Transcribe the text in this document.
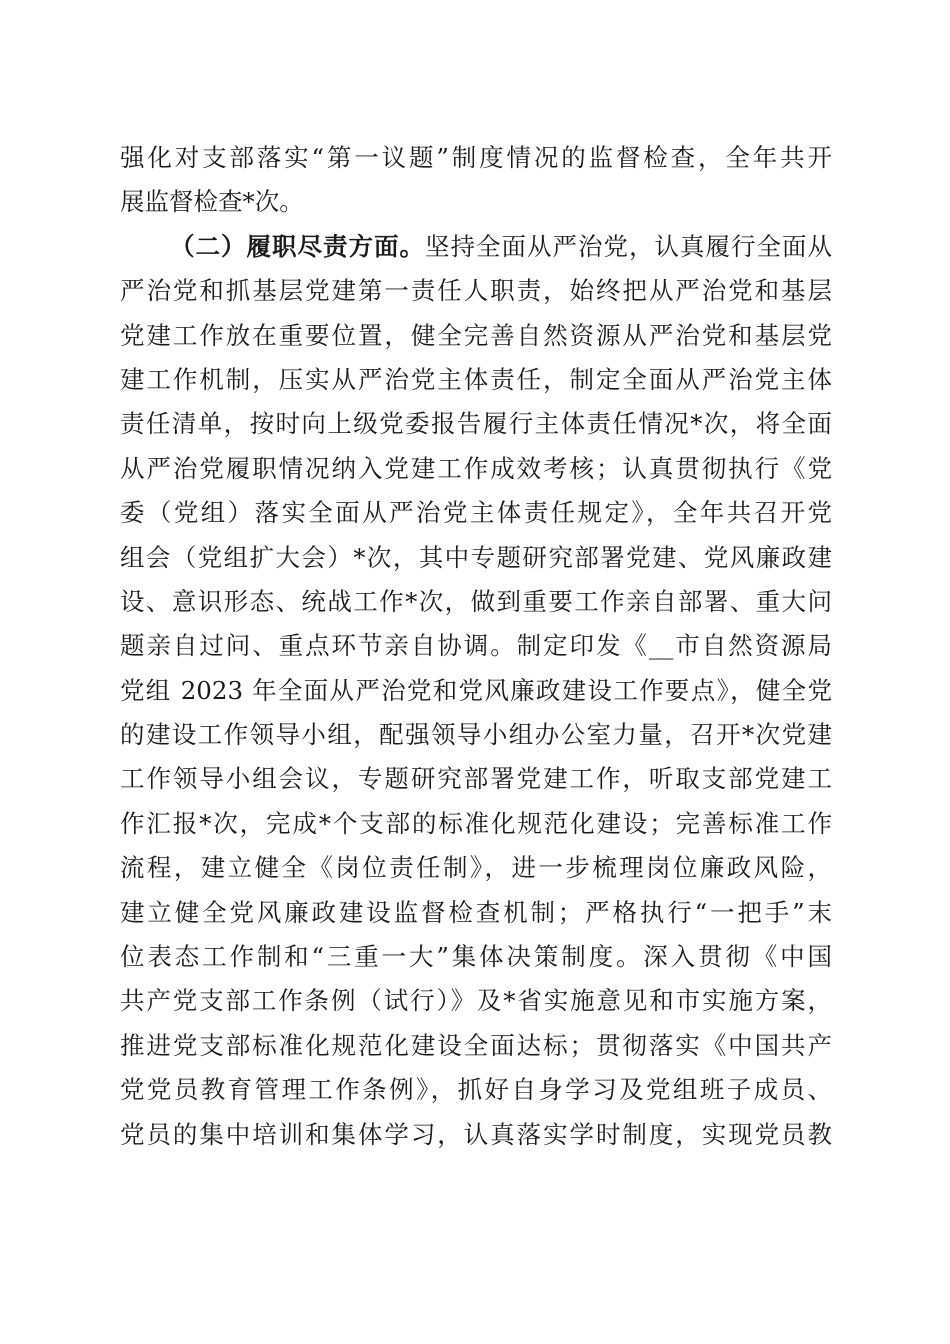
强化对支部落实“第一议题”制度情况的监督检查，全年共开
展监督检查*次。
（二）履职尽责方面。坚持全面从严治党，认真履行全面从
严治党和抓基层党建第一责任人职责，始终把从严治党和基层
党建工作放在重要位置，健全完善自然资源从严治党和基层党
建工作机制，压实从严治党主体责任，制定全面从严治党主体
责任清单，按时向上级党委报告履行主体责任情况*次，将全面
从严治党履职情况纳入党建工作成效考核；认真贯彻执行《党
委（党组）落实全面从严治党主体责任规定》，全年共召开党
组会（党组扩大会）*次，其中专题研究部署党建、党风廉政建
设、意识形态、统战工作*次，做到重要工作亲自部署、重大问
题亲自过问、重点环节亲自协调。制定印发《__市自然资源局
党组 2023 年全面从严治党和党风廉政建设工作要点》，健全党
的建设工作领导小组，配强领导小组办公室力量，召开*次党建
工作领导小组会议，专题研究部署党建工作，听取支部党建工
作汇报*次，完成*个支部的标准化规范化建设；完善标准工作
流程，建立健全《岗位责任制》，进一步梳理岗位廉政风险，
建立健全党风廉政建设监督检查机制；严格执行“一把手”末
位表态工作制和“三重一大”集体决策制度。深入贯彻《中国
共产党支部工作条例（试行）》及*省实施意见和市实施方案，
推进党支部标准化规范化建设全面达标；贯彻落实《中国共产
党党员教育管理工作条例》，抓好自身学习及党组班子成员、
党员的集中培训和集体学习，认真落实学时制度，实现党员教
